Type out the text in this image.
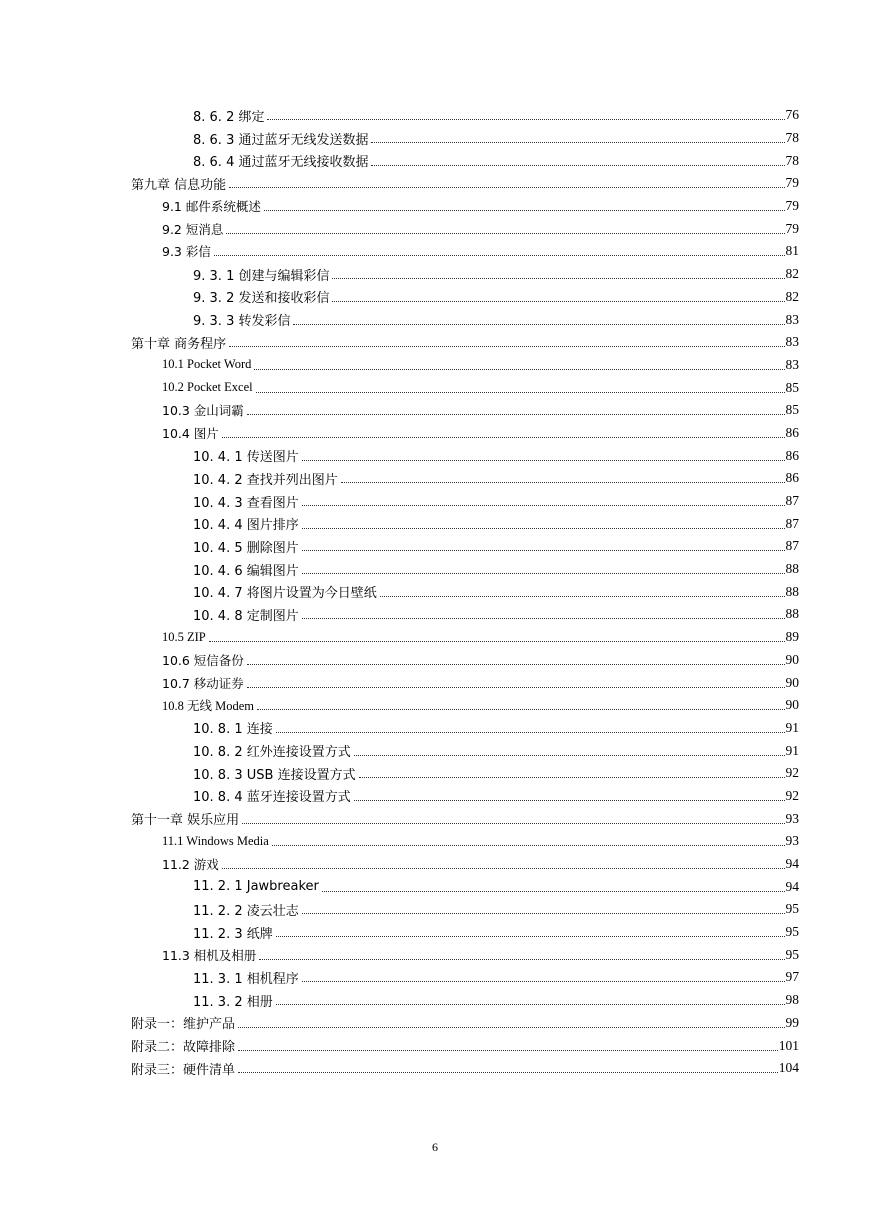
8. 6. 2 绑定	76
8. 6. 3 通过蓝牙无线发送数据	78
8. 6. 4 通过蓝牙无线接收数据	78
第九章 信息功能	79
9.1 邮件系统概述	79
9.2 短消息	79
9.3 彩信	81
9. 3. 1 创建与编辑彩信	82
9. 3. 2 发送和接收彩信	82
9. 3. 3 转发彩信	83
第十章 商务程序	83
10.1 Pocket Word	83
10.2 Pocket Excel	85
10.3 金山词霸	85
10.4 图片	86
10. 4. 1 传送图片	86
10. 4. 2 查找并列出图片	86
10. 4. 3 查看图片	87
10. 4. 4 图片排序	87
10. 4. 5 删除图片	87
10. 4. 6 编辑图片	88
10. 4. 7 将图片设置为今日壁纸	88
10. 4. 8 定制图片	88
10.5 ZIP	89
10.6 短信备份	90
10.7 移动证券	90
10.8 无线 Modem	90
10. 8. 1 连接	91
10. 8. 2 红外连接设置方式	91
10. 8. 3 USB 连接设置方式	92
10. 8. 4 蓝牙连接设置方式	92
第十一章 娱乐应用	93
11.1 Windows Media	93
11.2 游戏	94
11. 2. 1 Jawbreaker	94
11. 2. 2 凌云壮志	95
11. 2. 3 纸牌	95
11.3 相机及相册	95
11. 3. 1 相机程序	97
11. 3. 2 相册	98
附录一：维护产品	99
附录二：故障排除	101
附录三：硬件清单	104
6
